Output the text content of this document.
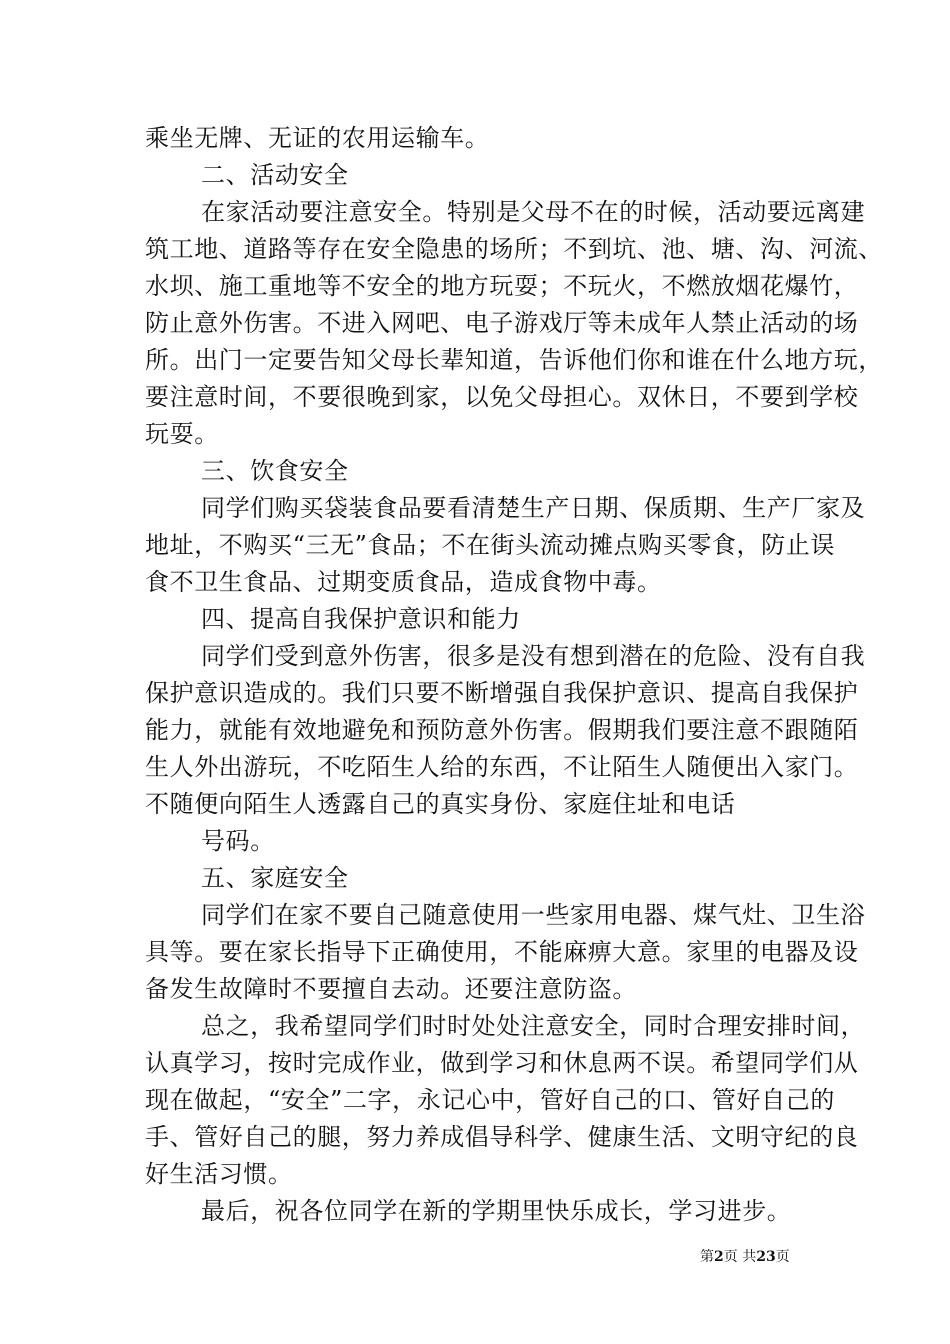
乘坐无牌、无证的农用运输车。
二、活动安全
在家活动要注意安全。特别是父母不在的时候，活动要远离建
筑工地、道路等存在安全隐患的场所；不到坑、池、塘、沟、河流、
水坝、施工重地等不安全的地方玩耍；不玩火，不燃放烟花爆竹，
防止意外伤害。不进入网吧、电子游戏厅等未成年人禁止活动的场
所。出门一定要告知父母长辈知道，告诉他们你和谁在什么地方玩，
要注意时间，不要很晚到家，以免父母担心。双休日，不要到学校
玩耍。
三、饮食安全
同学们购买袋装食品要看清楚生产日期、保质期、生产厂家及
地址，不购买“三无”食品；不在街头流动摊点购买零食，防止误
食不卫生食品、过期变质食品，造成食物中毒。
四、提高自我保护意识和能力
同学们受到意外伤害，很多是没有想到潜在的危险、没有自我
保护意识造成的。我们只要不断增强自我保护意识、提高自我保护
能力，就能有效地避免和预防意外伤害。假期我们要注意不跟随陌
生人外出游玩，不吃陌生人给的东西，不让陌生人随便出入家门。
不随便向陌生人透露自己的真实身份、家庭住址和电话
号码。
五、家庭安全
同学们在家不要自己随意使用一些家用电器、煤气灶、卫生浴
具等。要在家长指导下正确使用，不能麻痹大意。家里的电器及设
备发生故障时不要擅自去动。还要注意防盗。
总之，我希望同学们时时处处注意安全，同时合理安排时间，
认真学习，按时完成作业，做到学习和休息两不误。希望同学们从
现在做起，“安全”二字，永记心中，管好自己的口、管好自己的
手、管好自己的腿，努力养成倡导科学、健康生活、文明守纪的良
好生活习惯。
最后，祝各位同学在新的学期里快乐成长，学习进步。
第2页 共23页
